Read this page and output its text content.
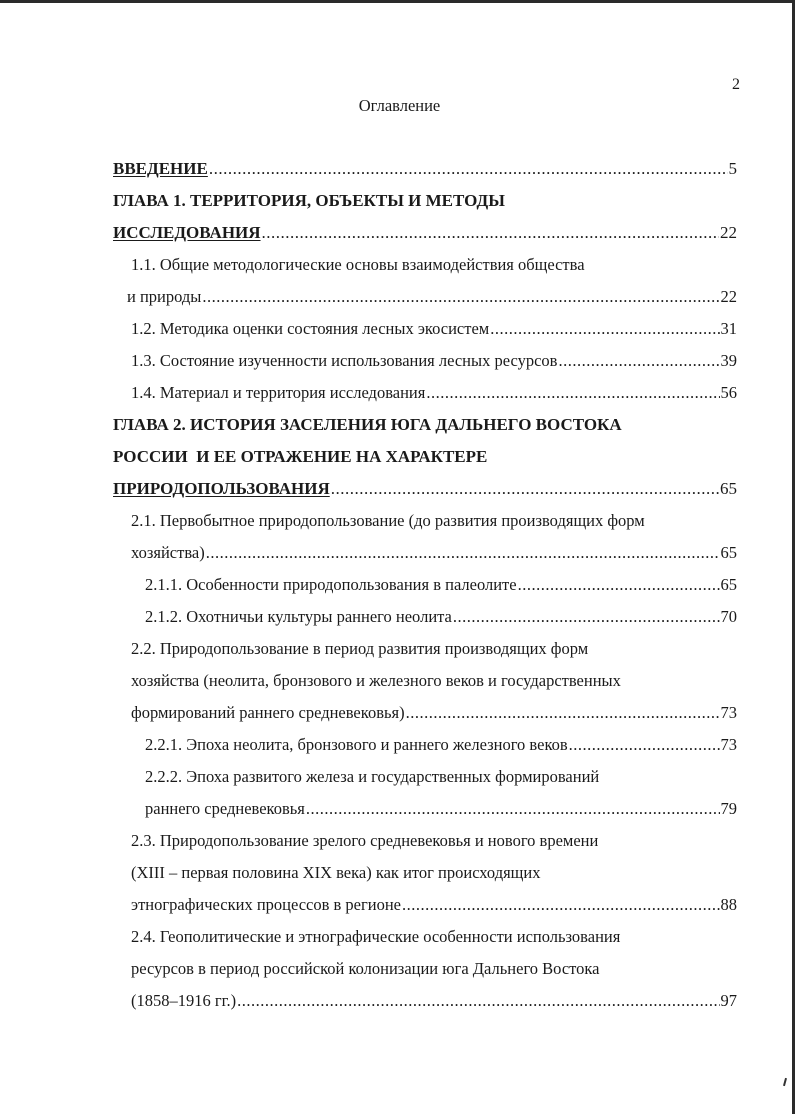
2
Оглавление
ВВЕДЕНИЕ .....	5
ГЛАВА 1. ТЕРРИТОРИЯ, ОБЪЕКТЫ И МЕТОДЫ
ИССЛЕДОВАНИЯ .....	22
1.1. Общие методологические основы взаимодействия общества
и природы .....	22
1.2. Методика оценки состояния лесных экосистем .....	31
1.3. Состояние изученности использования лесных ресурсов .....	39
1.4. Материал и территория исследования .....	56
ГЛАВА 2. ИСТОРИЯ ЗАСЕЛЕНИЯ ЮГА ДАЛЬНЕГО ВОСТОКА
РОССИИ  И ЕЕ ОТРАЖЕНИЕ НА ХАРАКТЕРЕ
ПРИРОДОПОЛЬЗОВАНИЯ .....	65
2.1. Первобытное природопользование (до развития производящих форм
хозяйства) .....	65
2.1.1. Особенности природопользования в палеолите .....	65
2.1.2. Охотничьи культуры раннего неолита .....	70
2.2. Природопользование в период развития производящих форм
хозяйства (неолита, бронзового и железного веков и государственных
формирований раннего средневековья) .....	73
2.2.1. Эпоха неолита, бронзового и раннего железного веков .....	73
2.2.2. Эпоха развитого железа и государственных формирований
раннего средневековья .....	79
2.3. Природопользование зрелого средневековья и нового времени
(XIII – первая половина XIX века) как итог происходящих
этнографических процессов в регионе .....	88
2.4. Геополитические и этнографические особенности использования
ресурсов в период российской колонизации юга Дальнего Востока
(1858–1916 гг.) .....	97
